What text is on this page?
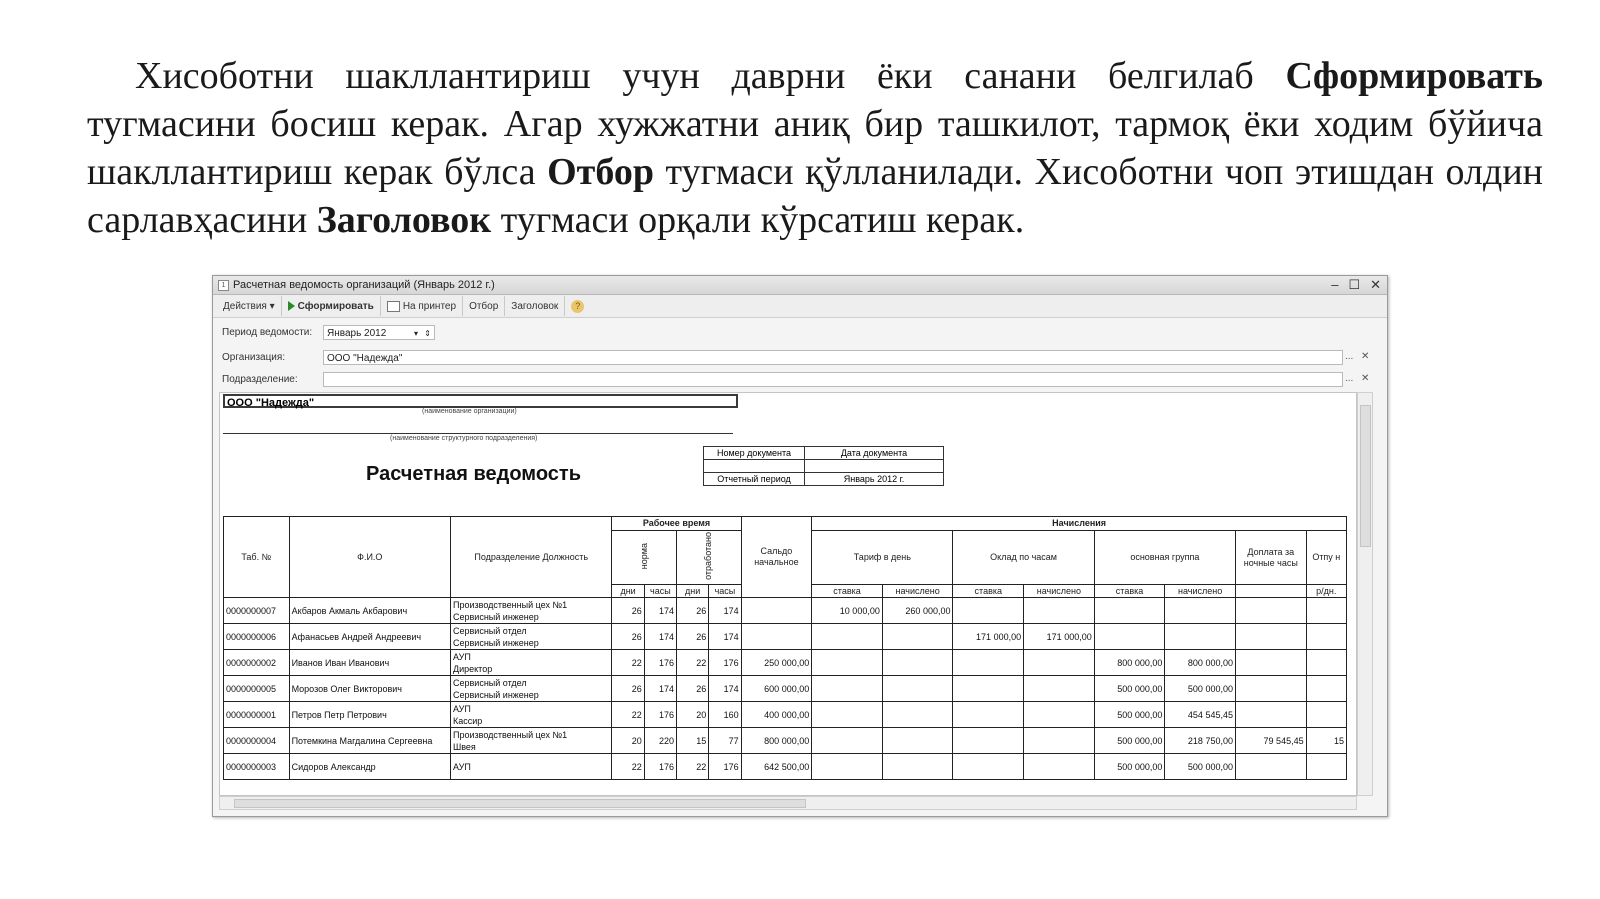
Хисоботни шакллантириш учун даврни ёки санани белгилаб Сформировать тугмасини босиш керак. Агар хужжатни аниқ бир ташкилот, тармоқ ёки ходим бўйича шакллантириш керак бўлса Отбор тугмаси қўлланилади. Хисоботни чоп этишдан олдин сарлавҳасини Заголовок тугмаси орқали кўрсатиш керак.
1 Расчетная ведомость организаций (Январь 2012 г.)	– ☐ ✕
Действия ▾ Сформировать	На принтер Отбор Заголовок	?
Период ведомости:	Январь 2012	▾ ⇕
Организация:	ООО "Надежда"	... ✕
Подразделение:	... ✕
ООО "Надежда"
(наименование организации)
(наименование структурного подразделения)
Расчетная ведомость
Номер документа	Дата документа

Отчетный период	Январь 2012 г.
Таб. №	Ф.И.О	Подразделение Должность	Рабочее время				Сальдо начальное	Начисления							
			норма		отработано			Тариф в день		Оклад по часам		основная группа		Доплата за ночные часы	Отпу н
			дни	часы	дни	часы		ставка	начислено	ставка	начислено	ставка	начислено		р/дн.
0000000007	Акбаров Акмаль Акбарович	Производственный цех №1
Сервисный инженер	26	174	26	174		10 000,00	260 000,00						
0000000006	Афанасьев Андрей Андреевич	Сервисный отдел
Сервисный инженер	26	174	26	174				171 000,00	171 000,00				
0000000002	Иванов Иван Иванович	АУП
Директор	22	176	22	176	250 000,00					800 000,00	800 000,00		
0000000005	Морозов Олег Викторович	Сервисный отдел
Сервисный инженер	26	174	26	174	600 000,00					500 000,00	500 000,00		
0000000001	Петров Петр Петрович	АУП
Кассир	22	176	20	160	400 000,00					500 000,00	454 545,45		
0000000004	Потемкина Магдалина Сергеевна	Производственный цех №1
Швея	20	220	15	77	800 000,00					500 000,00	218 750,00	79 545,45	15
0000000003	Сидоров Александр	АУП	22	176	22	176	642 500,00					500 000,00	500 000,00		
